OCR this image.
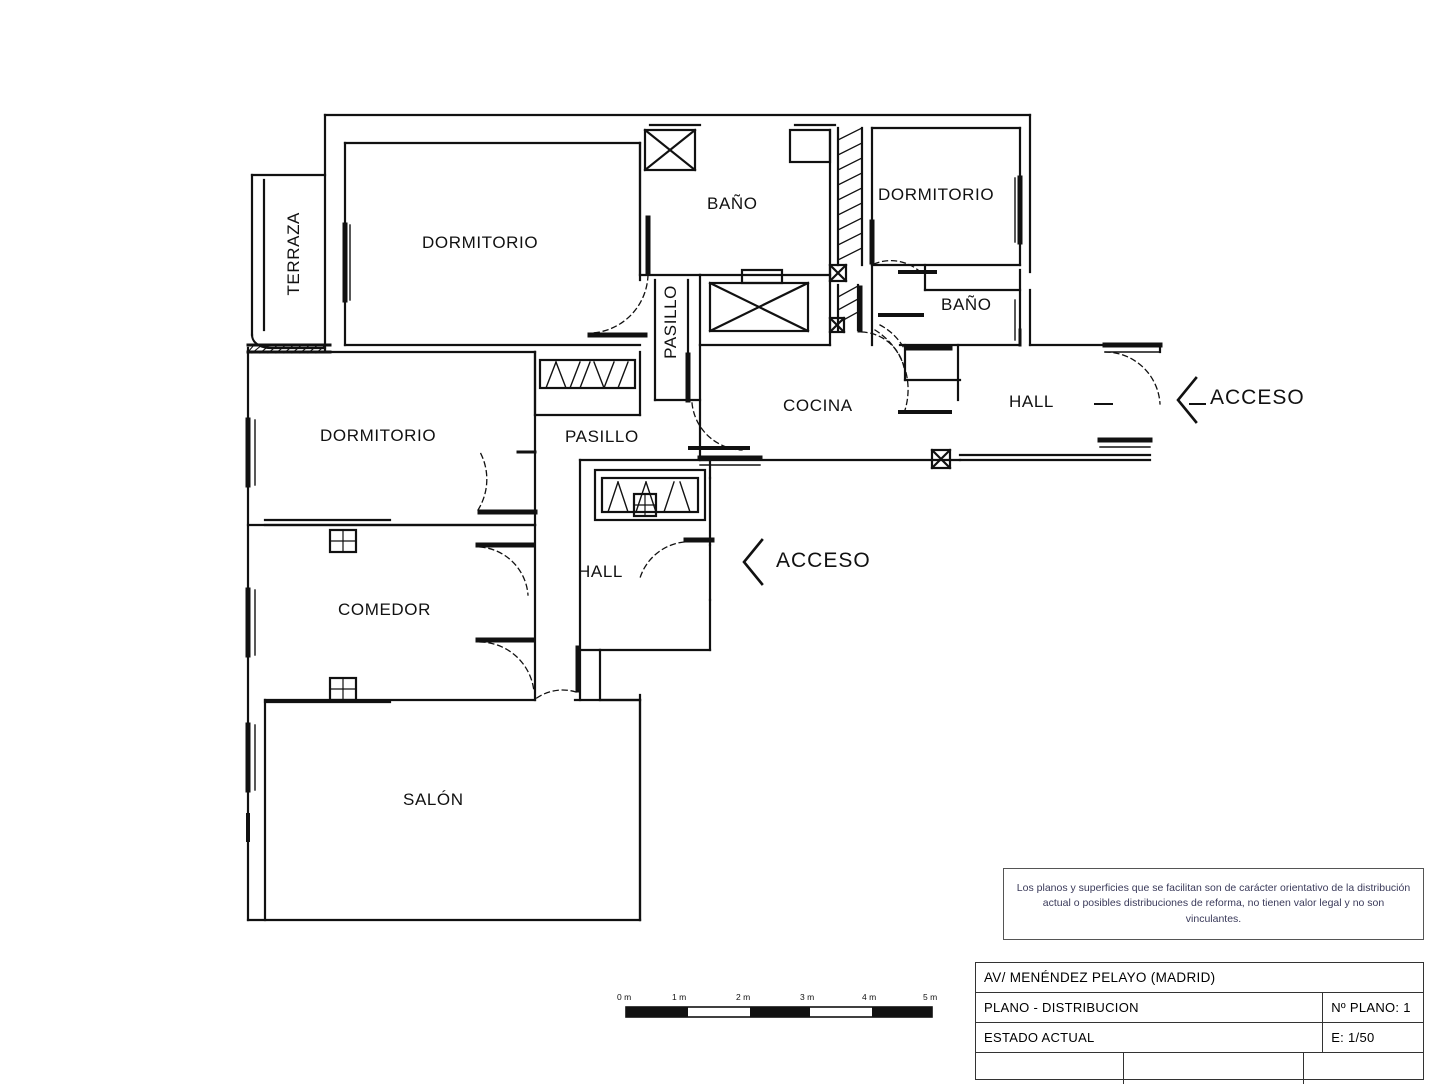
TERRAZA	DORMITORIO
BAÑO	DORMITORIO
BAÑO
PASILLO
PASILLO
COCINA	HALL
DORMITORIO
HALL
COMEDOR
SALÓN
ACCESO
ACCESO
0 m	1 m	2 m	3 m	4 m	5 m
Los planos y superficies que se facilitan son de carácter orientativo de la distribución actual o posibles distribuciones de reforma, no tienen valor legal y no son vinculantes.
AV/ MENÉNDEZ PELAYO (MADRID)
PLANO - DISTRIBUCION	Nº PLANO: 1
ESTADO ACTUAL	E: 1/50
